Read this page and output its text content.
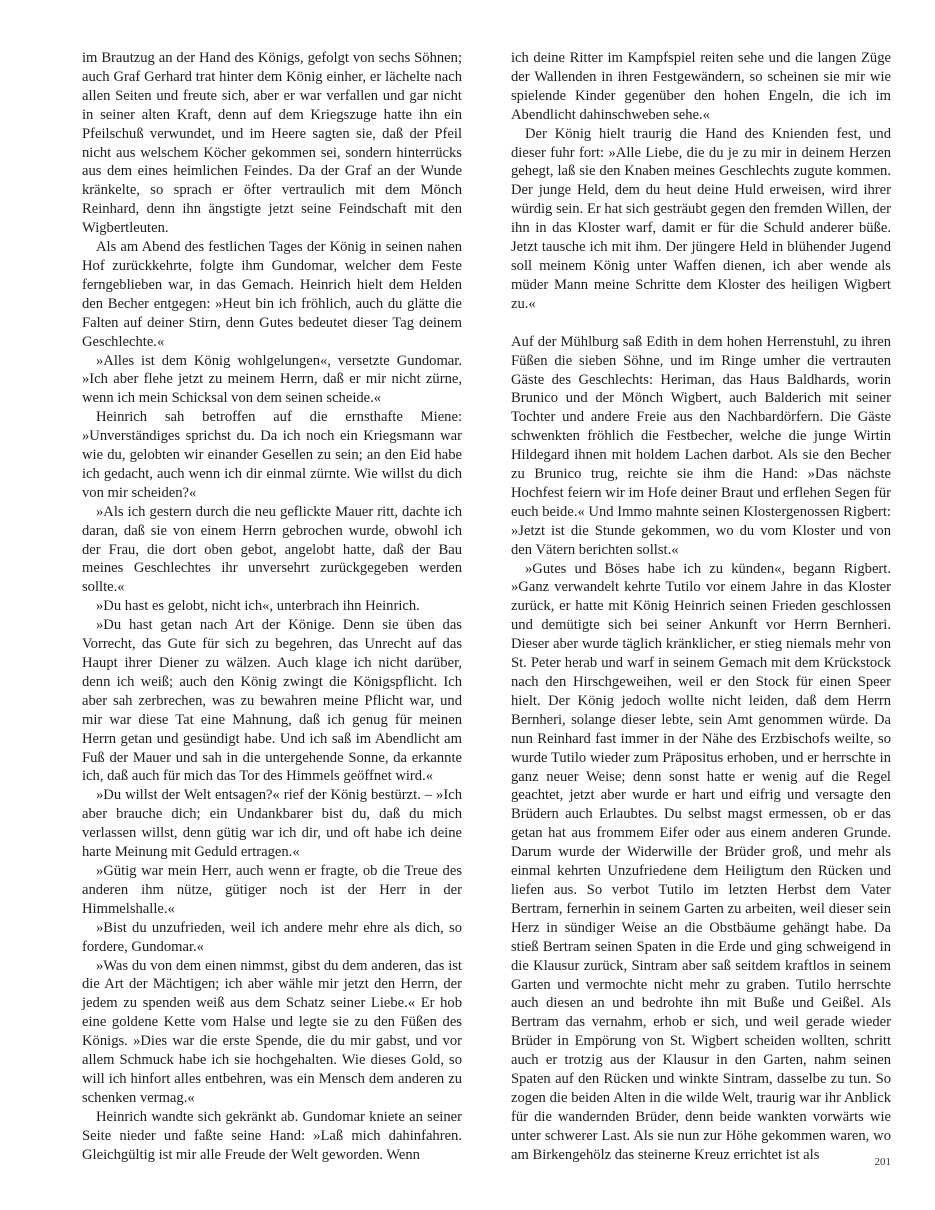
im Brautzug an der Hand des Königs, gefolgt von sechs Söhnen; auch Graf Gerhard trat hinter dem König einher, er lächelte nach allen Seiten und freute sich, aber er war verfallen und gar nicht in seiner alten Kraft, denn auf dem Kriegszuge hatte ihn ein Pfeilschuß verwundet, und im Heere sagten sie, daß der Pfeil nicht aus welschem Köcher gekommen sei, sondern hinterrücks aus dem eines heimlichen Feindes. Da der Graf an der Wunde kränkelte, so sprach er öfter vertraulich mit dem Mönch Reinhard, denn ihn ängstigte jetzt seine Feindschaft mit den Wigbertleuten.

Als am Abend des festlichen Tages der König in seinen nahen Hof zurückkehrte, folgte ihm Gundomar, welcher dem Feste ferngeblieben war, in das Gemach. Heinrich hielt dem Helden den Becher entgegen: »Heut bin ich fröhlich, auch du glätte die Falten auf deiner Stirn, denn Gutes bedeutet dieser Tag deinem Geschlechte.«

»Alles ist dem König wohlgelungen«, versetzte Gundomar. »Ich aber flehe jetzt zu meinem Herrn, daß er mir nicht zürne, wenn ich mein Schicksal von dem seinen scheide.«

Heinrich sah betroffen auf die ernsthafte Miene: »Unverständiges sprichst du. Da ich noch ein Kriegsmann war wie du, gelobten wir einander Gesellen zu sein; an den Eid habe ich gedacht, auch wenn ich dir einmal zürnte. Wie willst du dich von mir scheiden?«

»Als ich gestern durch die neu geflickte Mauer ritt, dachte ich daran, daß sie von einem Herrn gebrochen wurde, obwohl ich der Frau, die dort oben gebot, angelobt hatte, daß der Bau meines Geschlechtes ihr unversehrt zurückgegeben werden sollte.«

»Du hast es gelobt, nicht ich«, unterbrach ihn Heinrich.

»Du hast getan nach Art der Könige. Denn sie üben das Vorrecht, das Gute für sich zu begehren, das Unrecht auf das Haupt ihrer Diener zu wälzen. Auch klage ich nicht darüber, denn ich weiß; auch den König zwingt die Königspflicht. Ich aber sah zerbrechen, was zu bewahren meine Pflicht war, und mir war diese Tat eine Mahnung, daß ich genug für meinen Herrn getan und gesündigt habe. Und ich saß im Abendlicht am Fuß der Mauer und sah in die untergehende Sonne, da erkannte ich, daß auch für mich das Tor des Himmels geöffnet wird.«

»Du willst der Welt entsagen?« rief der König bestürzt. – »Ich aber brauche dich; ein Undankbarer bist du, daß du mich verlassen willst, denn gütig war ich dir, und oft habe ich deine harte Meinung mit Geduld ertragen.«

»Gütig war mein Herr, auch wenn er fragte, ob die Treue des anderen ihm nütze, gütiger noch ist der Herr in der Himmelshalle.«

»Bist du unzufrieden, weil ich andere mehr ehre als dich, so fordere, Gundomar.«

»Was du von dem einen nimmst, gibst du dem anderen, das ist die Art der Mächtigen; ich aber wähle mir jetzt den Herrn, der jedem zu spenden weiß aus dem Schatz seiner Liebe.« Er hob eine goldene Kette vom Halse und legte sie zu den Füßen des Königs. »Dies war die erste Spende, die du mir gabst, und vor allem Schmuck habe ich sie hochgehalten. Wie dieses Gold, so will ich hinfort alles entbehren, was ein Mensch dem anderen zu schenken vermag.«

Heinrich wandte sich gekränkt ab. Gundomar kniete an seiner Seite nieder und faßte seine Hand: »Laß mich dahinfahren. Gleichgültig ist mir alle Freude der Welt geworden. Wenn

ich deine Ritter im Kampfspiel reiten sehe und die langen Züge der Wallenden in ihren Festgewändern, so scheinen sie mir wie spielende Kinder gegenüber den hohen Engeln, die ich im Abendlicht dahinschweben sehe.«

Der König hielt traurig die Hand des Knienden fest, und dieser fuhr fort: »Alle Liebe, die du je zu mir in deinem Herzen gehegt, laß sie den Knaben meines Geschlechts zugute kommen. Der junge Held, dem du heut deine Huld erweisen, wird ihrer würdig sein. Er hat sich gesträubt gegen den fremden Willen, der ihn in das Kloster warf, damit er für die Schuld anderer büße. Jetzt tausche ich mit ihm. Der jüngere Held in blühender Jugend soll meinem König unter Waffen dienen, ich aber wende als müder Mann meine Schritte dem Kloster des heiligen Wigbert zu.«

Auf der Mühlburg saß Edith in dem hohen Herrenstuhl, zu ihren Füßen die sieben Söhne, und im Ringe umher die vertrauten Gäste des Geschlechts: Heriman, das Haus Baldhards, worin Brunico und der Mönch Wigbert, auch Balderich mit seiner Tochter und andere Freie aus den Nachbardörfern. Die Gäste schwenkten fröhlich die Festbecher, welche die junge Wirtin Hildegard ihnen mit holdem Lachen darbot. Als sie den Becher zu Brunico trug, reichte sie ihm die Hand: »Das nächste Hochfest feiern wir im Hofe deiner Braut und erflehen Segen für euch beide.« Und Immo mahnte seinen Klostergenossen Rigbert: »Jetzt ist die Stunde gekommen, wo du vom Kloster und von den Vätern berichten sollst.«

»Gutes und Böses habe ich zu künden«, begann Rigbert. »Ganz verwandelt kehrte Tutilo vor einem Jahre in das Kloster zurück, er hatte mit König Heinrich seinen Frieden geschlossen und demütigte sich bei seiner Ankunft vor Herrn Bernheri. Dieser aber wurde täglich kränklicher, er stieg niemals mehr von St. Peter herab und warf in seinem Gemach mit dem Krückstock nach den Hirschgeweihen, weil er den Stock für einen Speer hielt. Der König jedoch wollte nicht leiden, daß dem Herrn Bernheri, solange dieser lebte, sein Amt genommen würde. Da nun Reinhard fast immer in der Nähe des Erzbischofs weilte, so wurde Tutilo wieder zum Präpositus erhoben, und er herrschte in ganz neuer Weise; denn sonst hatte er wenig auf die Regel geachtet, jetzt aber wurde er hart und eifrig und versagte den Brüdern auch Erlaubtes. Du selbst magst ermessen, ob er das getan hat aus frommem Eifer oder aus einem anderen Grunde. Darum wurde der Widerwille der Brüder groß, und mehr als einmal kehrten Unzufriedene dem Heiligtum den Rücken und liefen aus. So verbot Tutilo im letzten Herbst dem Vater Bertram, fernerhin in seinem Garten zu arbeiten, weil dieser sein Herz in sündiger Weise an die Obstbäume gehängt habe. Da stieß Bertram seinen Spaten in die Erde und ging schweigend in die Klausur zurück, Sintram aber saß seitdem kraftlos in seinem Garten und vermochte nicht mehr zu graben. Tutilo herrschte auch diesen an und bedrohte ihn mit Buße und Geißel. Als Bertram das vernahm, erhob er sich, und weil gerade wieder Brüder in Empörung von St. Wigbert scheiden wollten, schritt auch er trotzig aus der Klausur in den Garten, nahm seinen Spaten auf den Rücken und winkte Sintram, dasselbe zu tun. So zogen die beiden Alten in die wilde Welt, traurig war ihr Anblick für die wandernden Brüder, denn beide wankten vorwärts wie unter schwerer Last. Als sie nun zur Höhe gekommen waren, wo am Birkengehölz das steinerne Kreuz errichtet ist als	201
